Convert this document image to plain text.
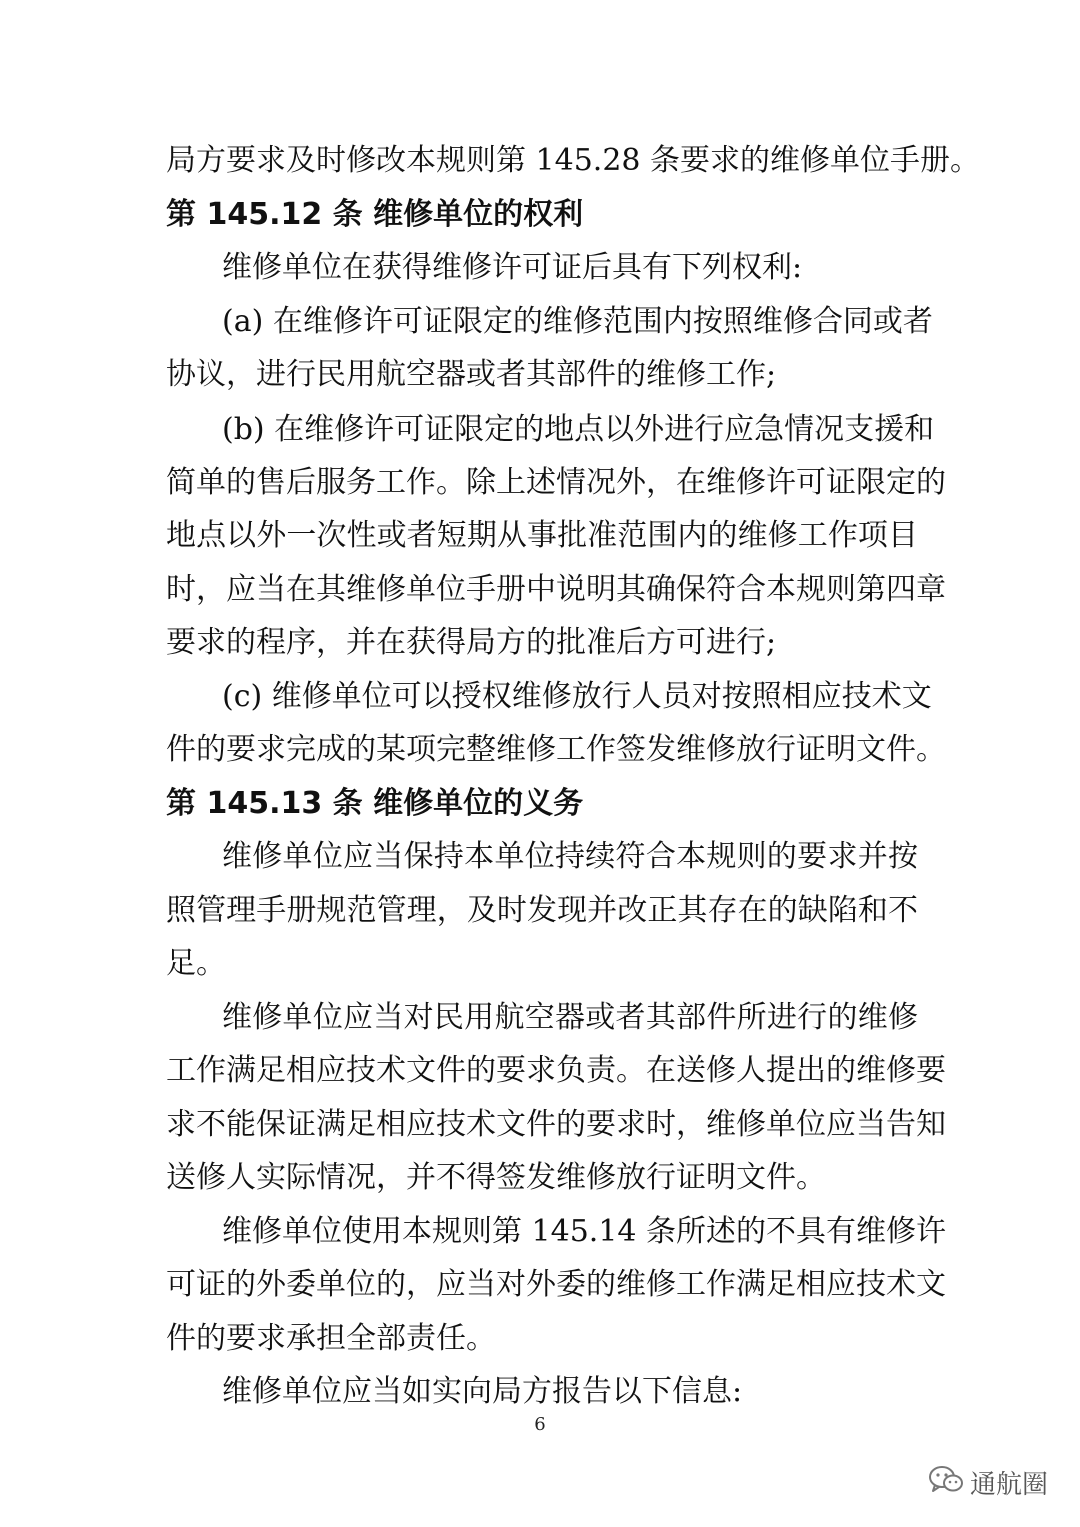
局方要求及时修改本规则第 145.28 条要求的维修单位手册。
第 145.12 条 维修单位的权利
维修单位在获得维修许可证后具有下列权利:
(a) 在维修许可证限定的维修范围内按照维修合同或者
协议，进行民用航空器或者其部件的维修工作;
(b) 在维修许可证限定的地点以外进行应急情况支援和
简单的售后服务工作。除上述情况外，在维修许可证限定的
地点以外一次性或者短期从事批准范围内的维修工作项目
时，应当在其维修单位手册中说明其确保符合本规则第四章
要求的程序，并在获得局方的批准后方可进行;
(c) 维修单位可以授权维修放行人员对按照相应技术文
件的要求完成的某项完整维修工作签发维修放行证明文件。
第 145.13 条 维修单位的义务
维修单位应当保持本单位持续符合本规则的要求并按
照管理手册规范管理，及时发现并改正其存在的缺陷和不
足。
维修单位应当对民用航空器或者其部件所进行的维修
工作满足相应技术文件的要求负责。在送修人提出的维修要
求不能保证满足相应技术文件的要求时，维修单位应当告知
送修人实际情况，并不得签发维修放行证明文件。
维修单位使用本规则第 145.14 条所述的不具有维修许
可证的外委单位的，应当对外委的维修工作满足相应技术文
件的要求承担全部责任。
维修单位应当如实向局方报告以下信息:
6
通航圈
